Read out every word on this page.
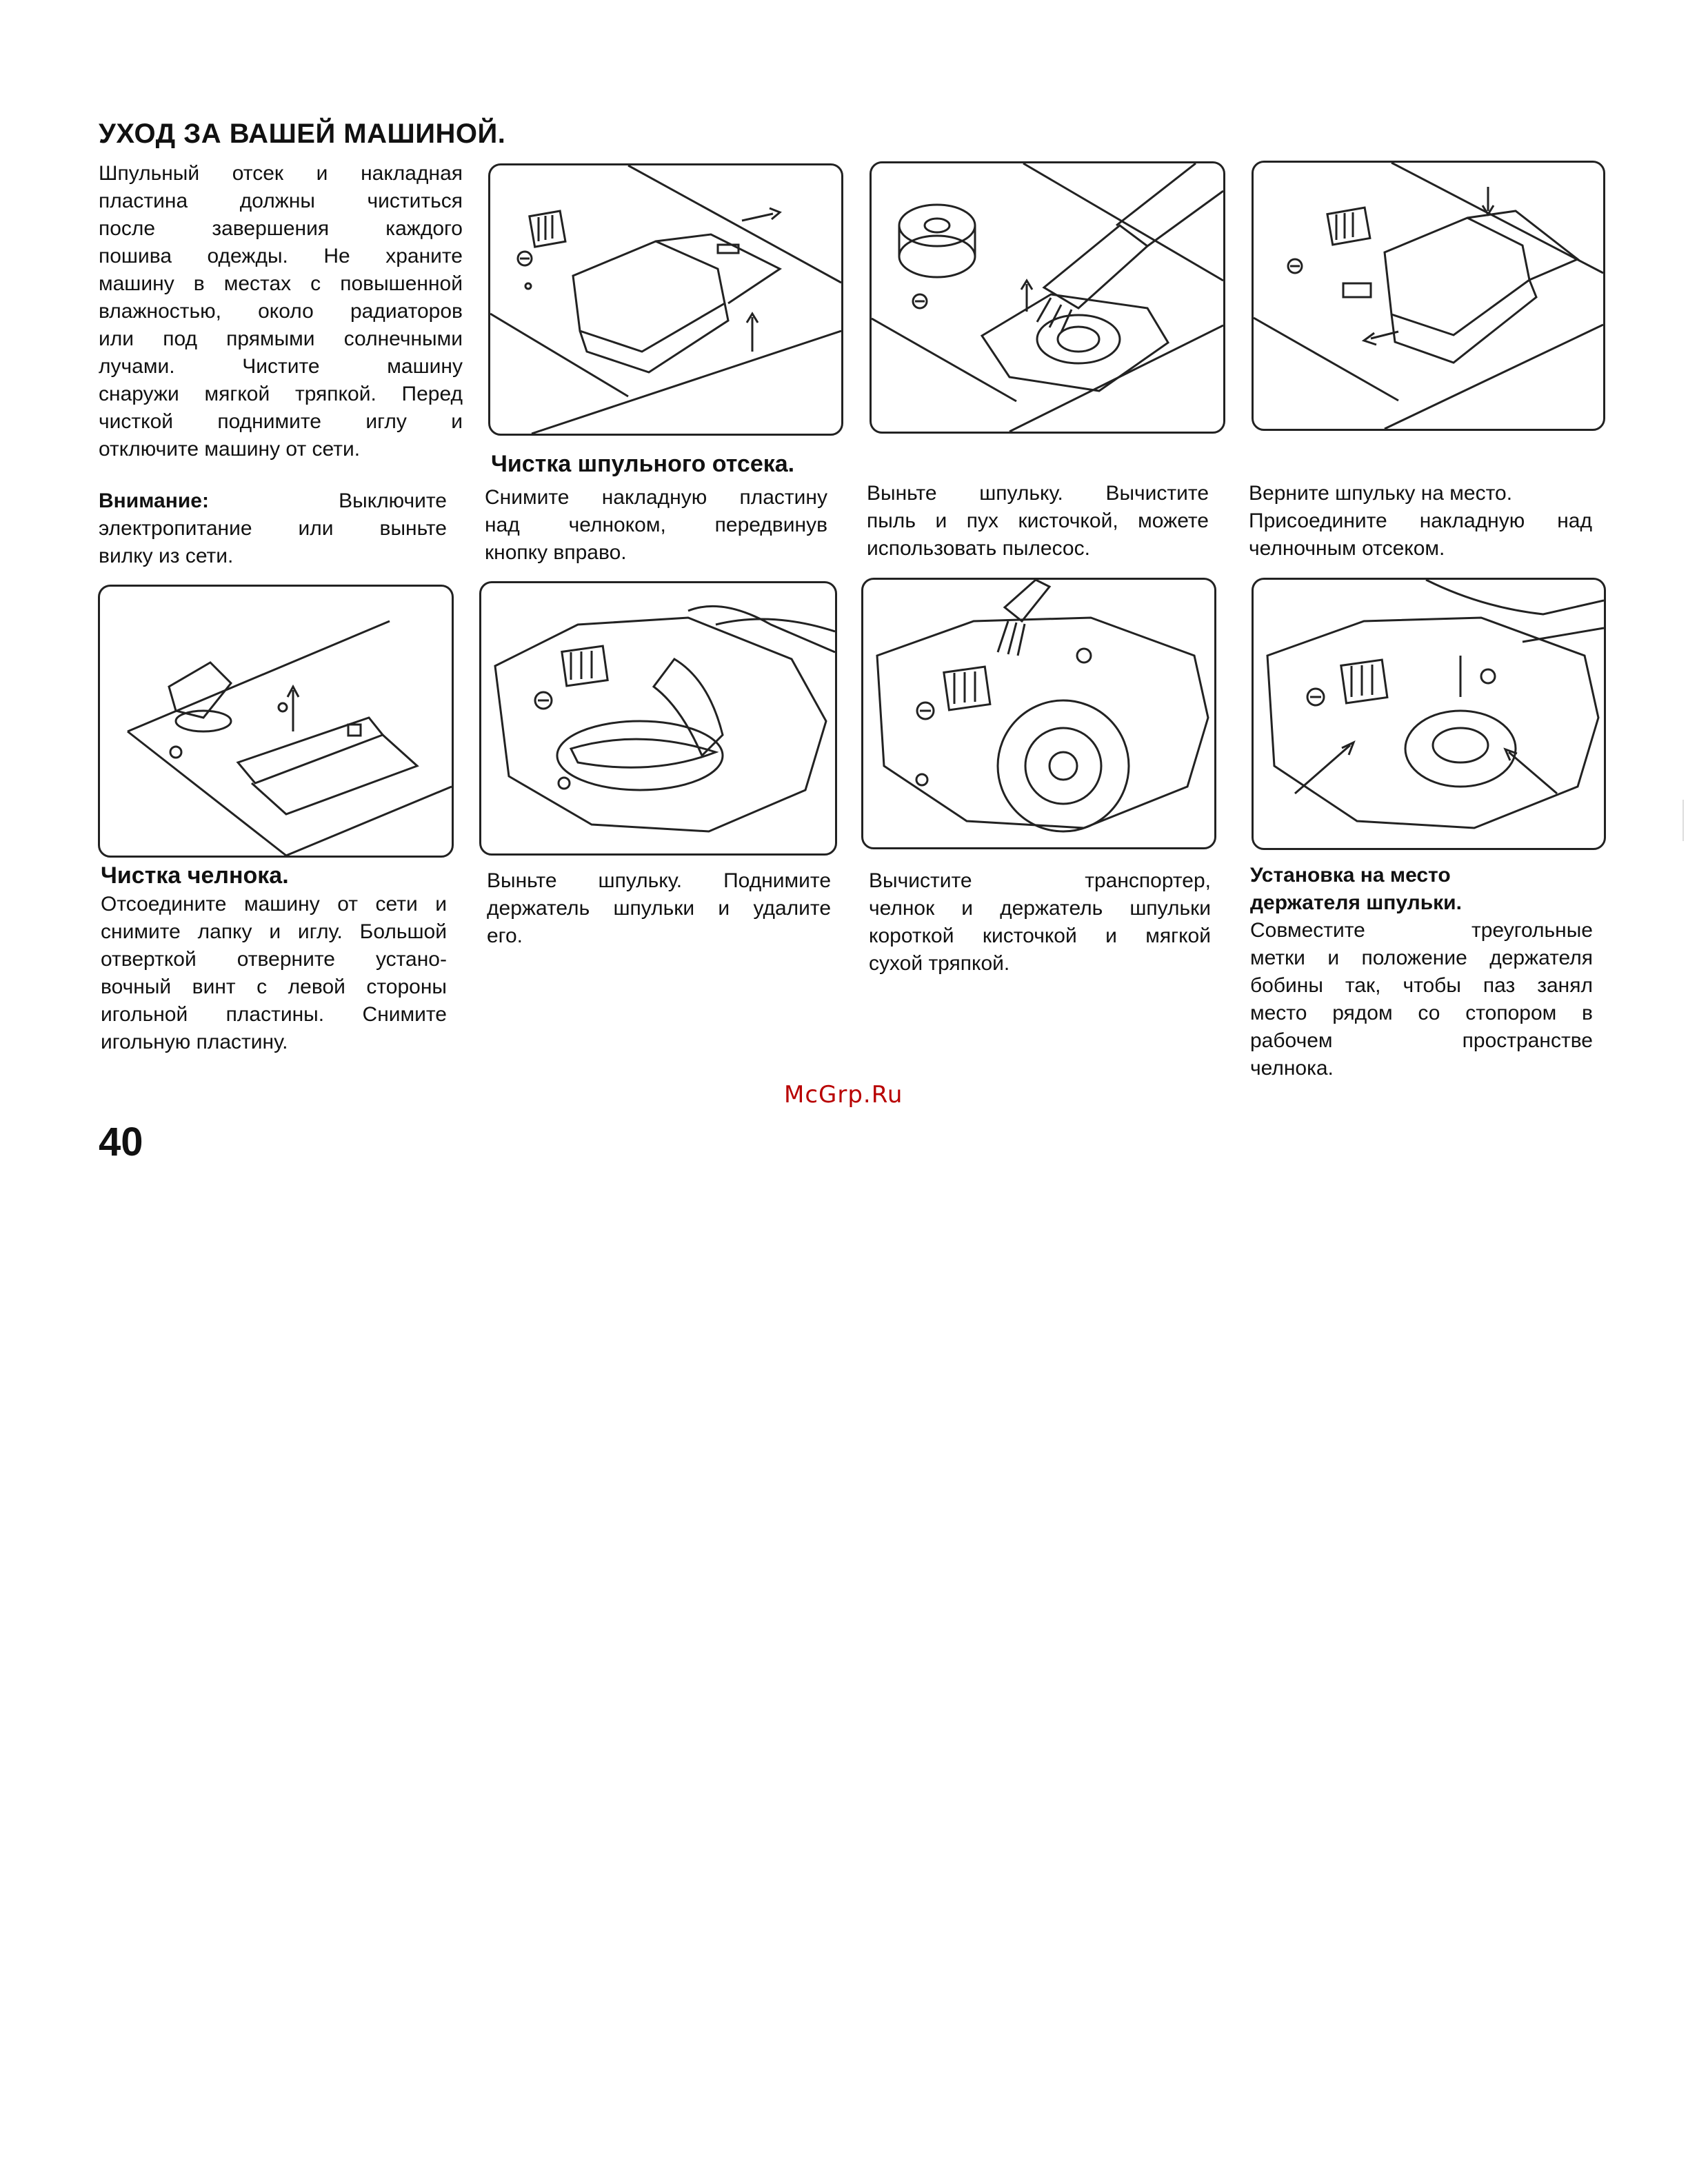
УХОД ЗА ВАШЕЙ МАШИНОЙ.
Шпульный отсек и накладная
пластина должны чиститься
после завершения каждого
пошива одежды. Не храните
машину в местах с повышенной
влажностью, около радиаторов
или под прямыми солнечными
лучами. Чистите машину
снаружи мягкой тряпкой. Перед
чисткой поднимите иглу и
отключите машину от сети.
Внимание:	Выключите
электропитание или выньте
вилку из сети.
Чистка шпульного отсека.
Снимите накладную пластину
над челноком, передвинув
кнопку вправо.
Выньте шпульку. Вычистите
пыль и пух кисточкой, можете
использовать пылесос.
Верните шпульку на место.
Присоедините накладную над
челночным отсеком.
Чистка челнока.
Отсоедините машину от сети и
снимите лапку и иглу. Большой
отверткой отверните устано-
вочный винт с левой стороны
игольной пластины. Снимите
игольную пластину.
Выньте шпульку. Поднимите
держатель шпульки и удалите
его.
Вычистите транспортер,
челнок и держатель шпульки
короткой кисточкой и мягкой
сухой тряпкой.
Установка на место
держателя шпульки.
Совместите треугольные
метки и положение держателя
бобины так, чтобы паз занял
место рядом со стопором в
рабочем пространстве
челнока.
McGrp.Ru
40
